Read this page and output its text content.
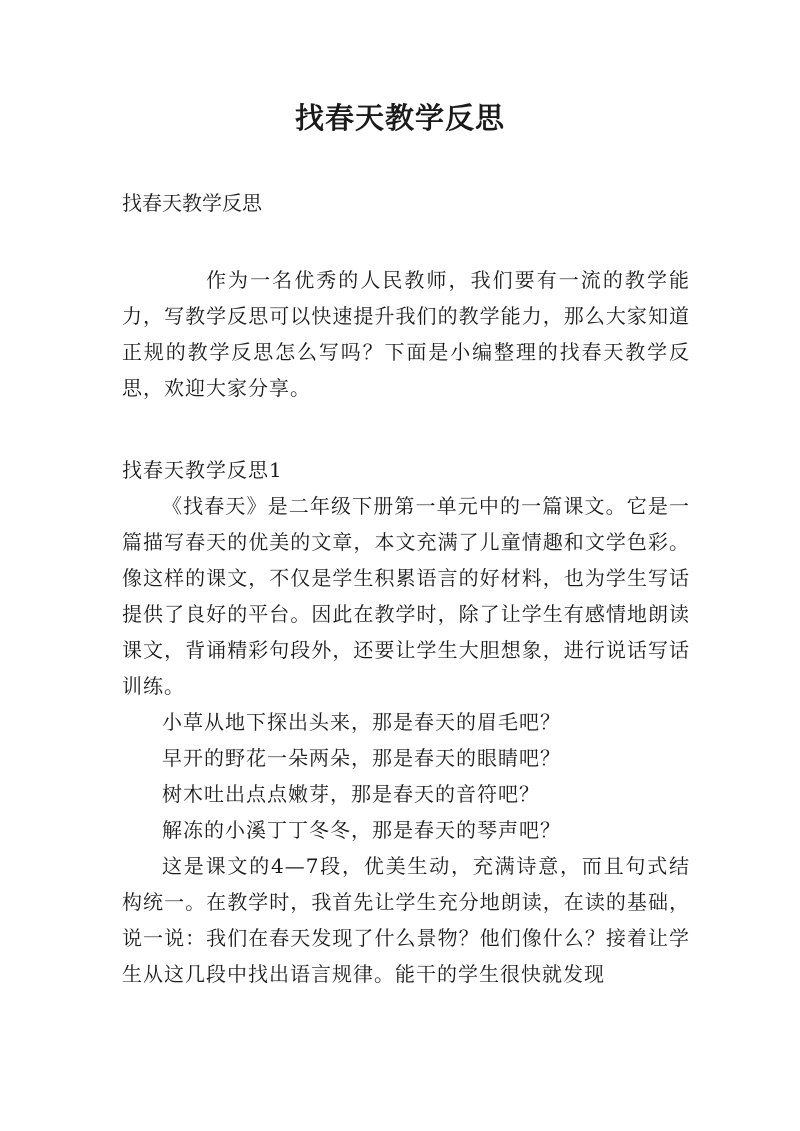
找春天教学反思
找春天教学反思

作为一名优秀的人民教师，我们要有一流的教学能力，写教学反思可以快速提升我们的教学能力，那么大家知道正规的教学反思怎么写吗？下面是小编整理的找春天教学反思，欢迎大家分享。

找春天教学反思1

《找春天》是二年级下册第一单元中的一篇课文。它是一篇描写春天的优美的文章，本文充满了儿童情趣和文学色彩。像这样的课文，不仅是学生积累语言的好材料，也为学生写话提供了良好的平台。因此在教学时，除了让学生有感情地朗读课文，背诵精彩句段外，还要让学生大胆想象，进行说话写话训练。

小草从地下探出头来，那是春天的眉毛吧？

早开的野花一朵两朵，那是春天的眼睛吧？

树木吐出点点嫩芽，那是春天的音符吧？

解冻的小溪丁丁冬冬，那是春天的琴声吧？

这是课文的4—7段，优美生动，充满诗意，而且句式结构统一。在教学时，我首先让学生充分地朗读，在读的基础，说一说：我们在春天发现了什么景物？他们像什么？接着让学生从这几段中找出语言规律。能干的学生很快就发现
